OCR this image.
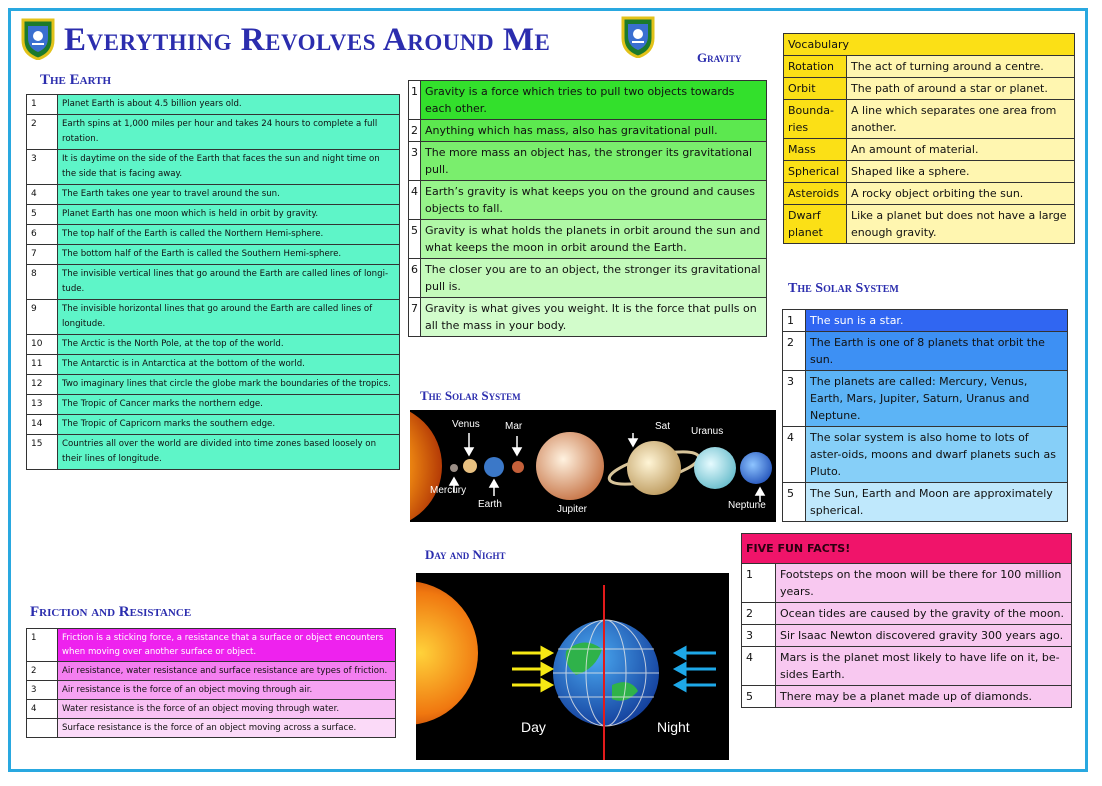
Everything Revolves Around Me
The Earth
1	Planet Earth is about 4.5 billion years old.
2	Earth spins at 1,000 miles per hour and takes 24 hours to complete a full rotation.
3	It is daytime on the side of the Earth that faces the sun and night time on the side that is facing away.
4	The Earth takes one year to travel around the sun.
5	Planet Earth has one moon which is held in orbit by gravity.
6	The top half of the Earth is called the Northern Hemi-sphere.
7	The bottom half of the Earth is called the Southern Hemi-sphere.
8	The invisible vertical lines that go around the Earth are called lines of longi-tude.
9	The invisible horizontal lines that go around the Earth are called lines of longitude.
10	The Arctic is the North Pole, at the top of the world.
11	The Antarctic is in Antarctica at the bottom of the world.
12	Two imaginary lines that circle the globe mark the boundaries of the tropics.
13	The Tropic of Cancer marks the northern edge.
14	The Tropic of Capricorn marks the southern edge.
15	Countries all over the world are divided into time zones based loosely on their lines of longitude.
Friction and Resistance
1	Friction is a sticking force, a resistance that a surface or object encounters when moving over another surface or object.
2	Air resistance, water resistance and surface resistance are types of friction.
3	Air resistance is the force of an object moving through air.
4	Water resistance is the force of an object moving through water.
	Surface resistance is the force of an object moving across a surface.
Gravity
1	Gravity is a force which tries to pull two objects towards each other.
2	Anything which has mass, also has gravitational pull.
3	The more mass an object has, the stronger its gravitational pull.
4	Earth’s gravity is what keeps you on the ground and causes objects to fall.
5	Gravity is what holds the planets in orbit around the sun and what keeps the moon in orbit around the Earth.
6	The closer you are to an object, the stronger its gravitational pull is.
7	Gravity is what gives you weight. It is the force that pulls on all the mass in your body.
The Solar System
Venus	Mar	Sat Uranus
Mercury
Earth	Jupiter	Neptune
Day and Night
Day	Night
Vocabulary	
Rotation	The act of turning around a centre.
Orbit	The path of around a star or planet.
Bounda-ries	A line which separates one area from another.
Mass	An amount of material.
Spherical	Shaped like a sphere.
Asteroids	A rocky object orbiting the sun.
Dwarf planet	Like a planet but does not have a large enough gravity.
The Solar System
1	The sun is a star.
2	The Earth is one of 8 planets that orbit the sun.
3	The planets are called: Mercury, Venus, Earth, Mars, Jupiter, Saturn, Uranus and Neptune.
4	The solar system is also home to lots of aster-oids, moons and dwarf planets such as Pluto.
5	The Sun, Earth and Moon are approximately spherical.
FIVE FUN FACTS!	
1	Footsteps on the moon will be there for 100 million years.
2	Ocean tides are caused by the gravity of the moon.
3	Sir Isaac Newton discovered gravity 300 years ago.
4	Mars is the planet most likely to have life on it, be-sides Earth.
5	There may be a planet made up of diamonds.
